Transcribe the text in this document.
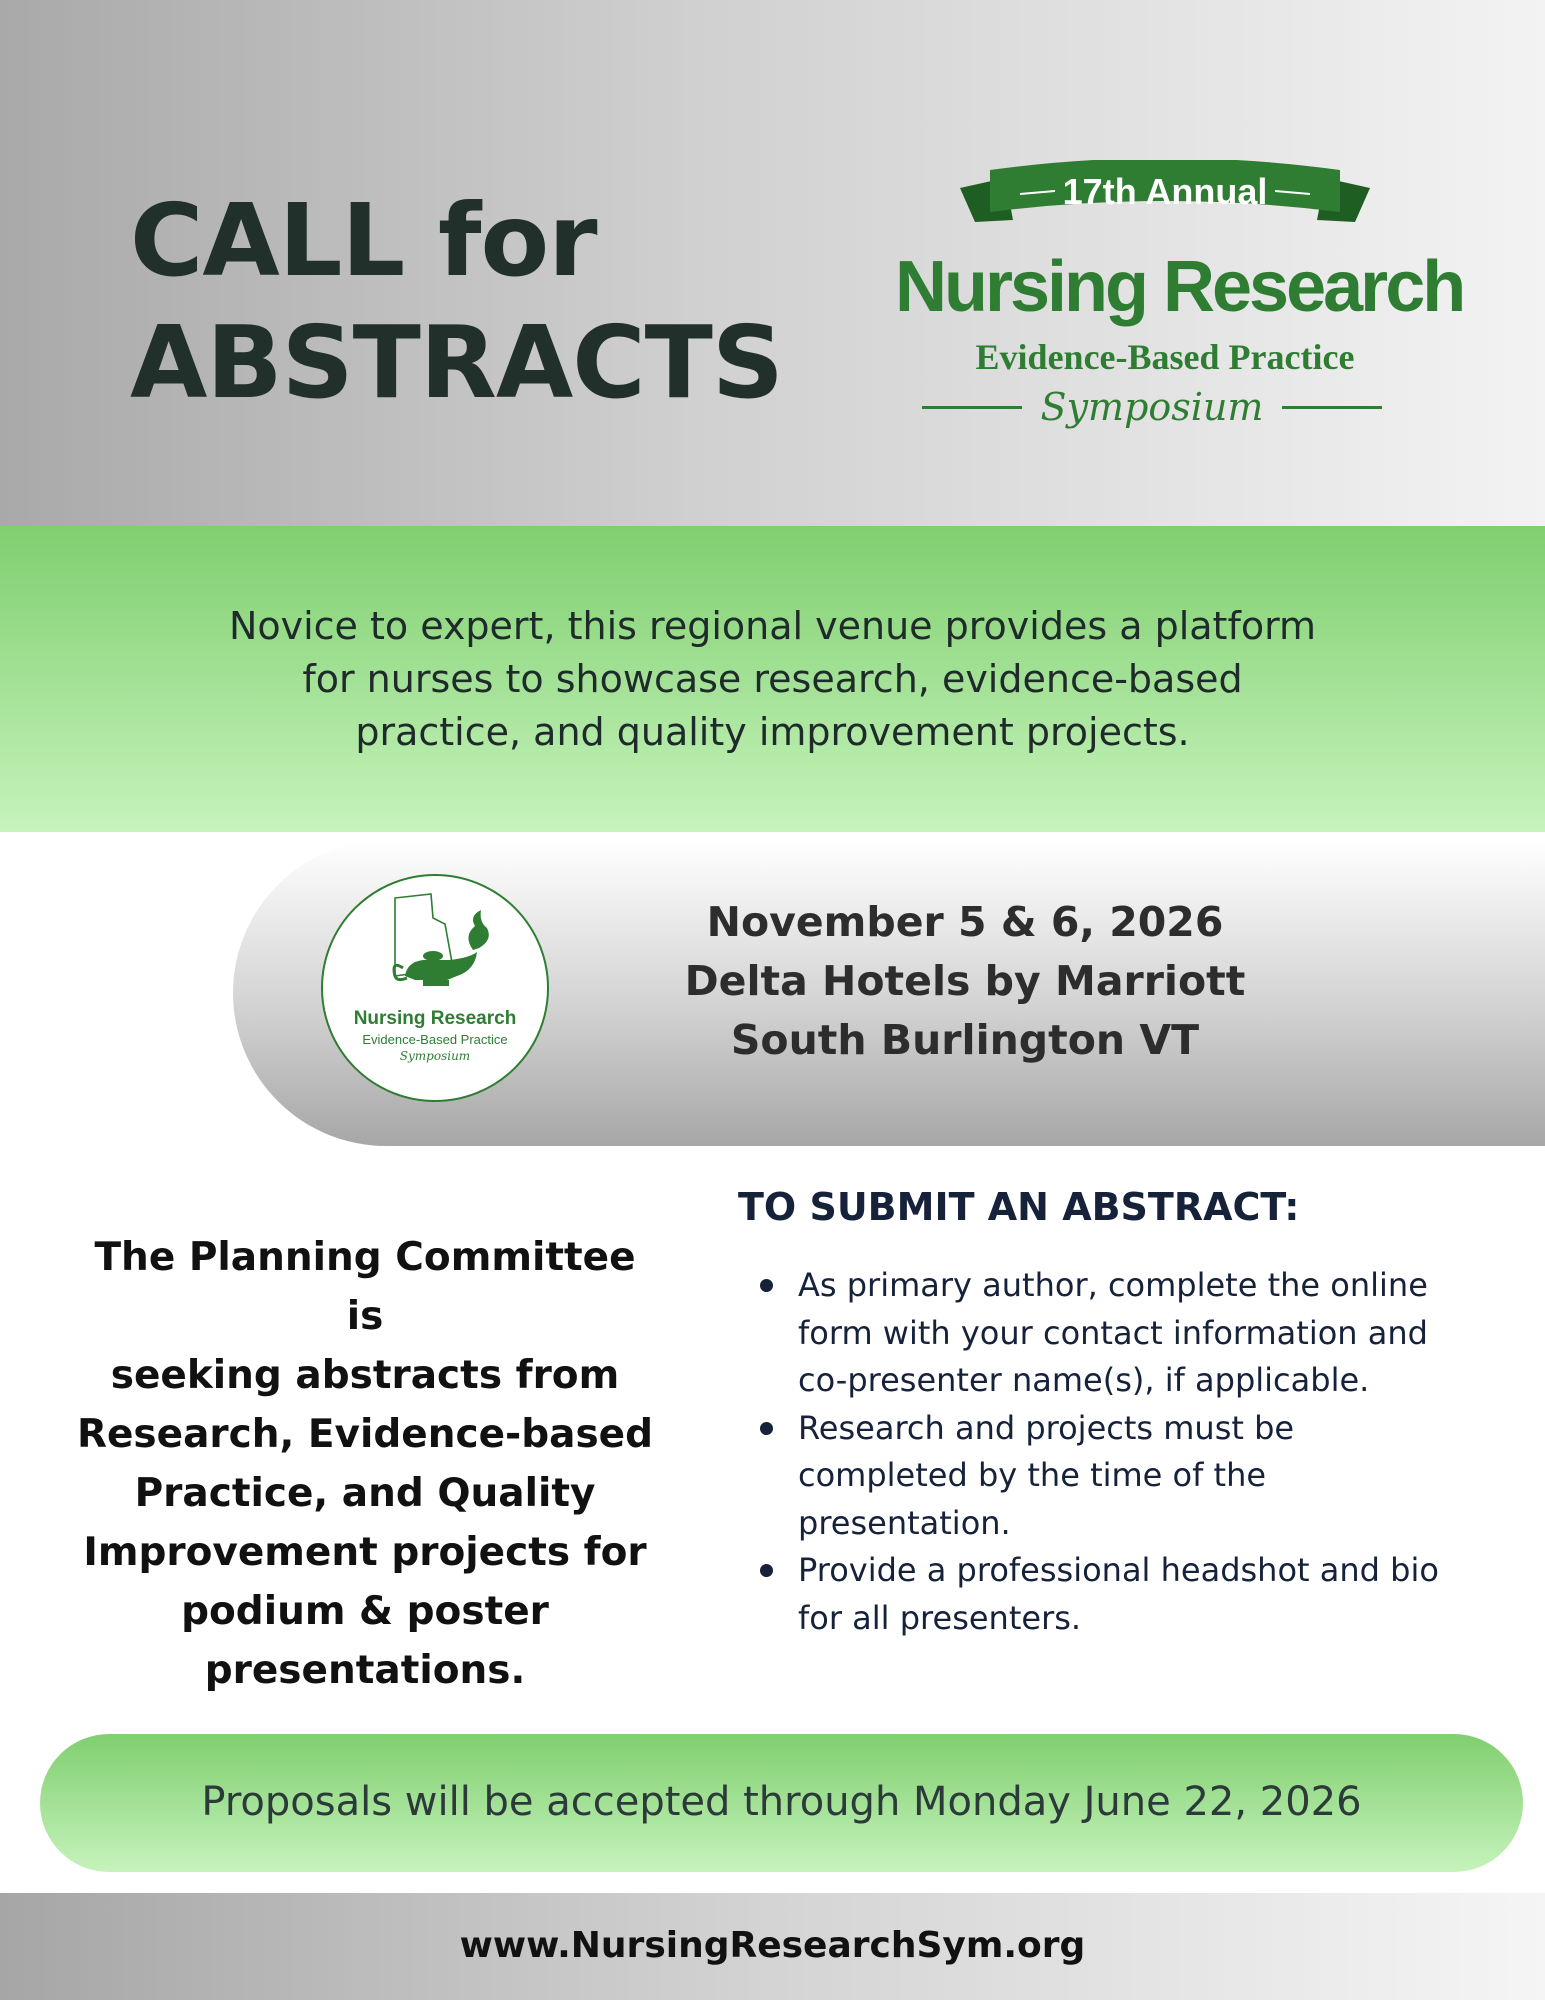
CALL for
ABSTRACTS
17th Annual
Nursing Research
Evidence-Based Practice
Symposium
Novice to expert, this regional venue provides a platform
for nurses to showcase research, evidence-based
practice, and quality improvement projects.
Nursing Research
Evidence-Based Practice
Symposium
November 5 & 6, 2026
Delta Hotels by Marriott
South Burlington VT
The Planning Committee is
seeking abstracts from
Research, Evidence-based
Practice, and Quality
Improvement projects for
podium & poster
presentations.
TO SUBMIT AN ABSTRACT:
As primary author, complete the online form with your contact information and co-presenter name(s), if applicable.
Research and projects must be completed by the time of the presentation.
Provide a professional headshot and bio for all presenters.
Proposals will be accepted through Monday June 22, 2026
www.NursingResearchSym.org
